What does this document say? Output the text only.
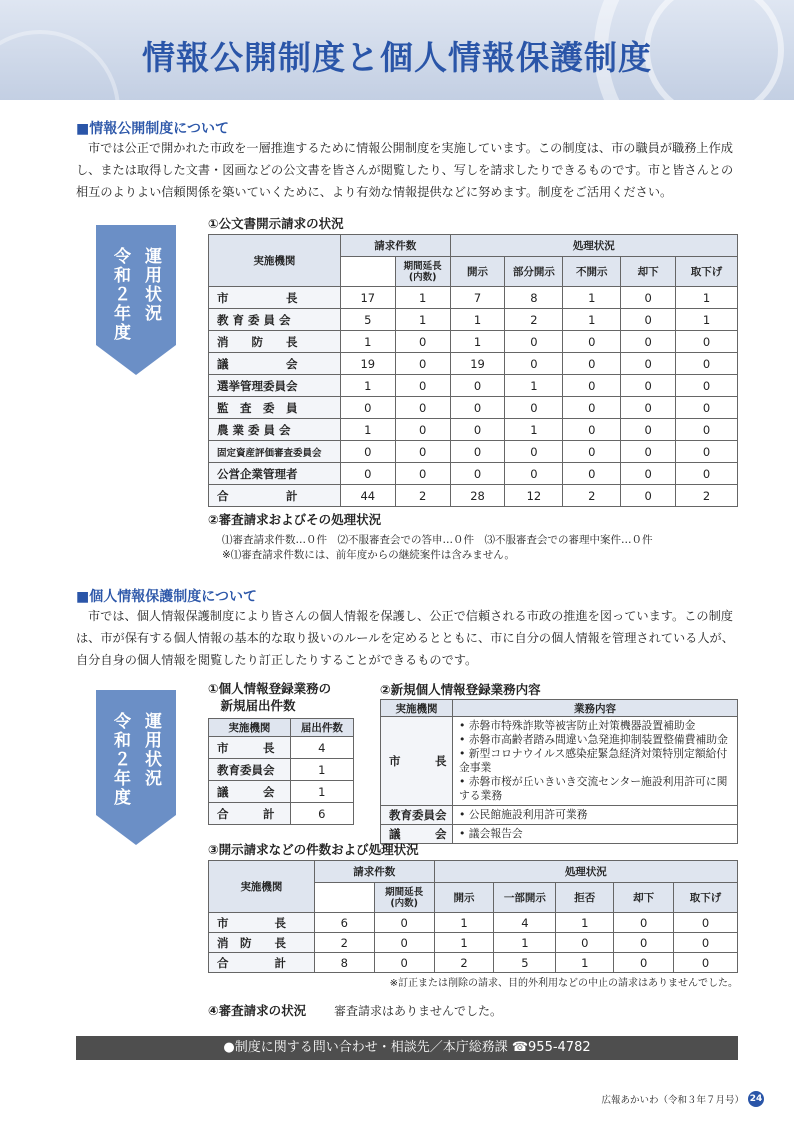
情報公開制度と個人情報保護制度
■情報公開制度について
市では公正で開かれた市政を一層推進するために情報公開制度を実施しています。この制度は、市の職員が職務上作成し、または取得した文書・図画などの公文書を皆さんが閲覧したり、写しを請求したりできるものです。市と皆さんとの相互のよりよい信頼関係を築いていくために、より有効な情報提供などに努めます。制度をご活用ください。
令和２年度 運用状況
①公文書開示請求の状況
実施機関	請求件数		処理状況				
		期間延長
(内数)	開示	部分開示	不開示	却下	取下げ
市　　　　　長	17	1	7	8	1	0	1
教 育 委 員 会	5	1	1	2	1	0	1
消　　防　　長	1	0	1	0	0	0	0
議　　　　　会	19	0	19	0	0	0	0
選挙管理委員会	1	0	0	1	0	0	0
監　査　委　員	0	0	0	0	0	0	0
農 業 委 員 会	1	0	0	1	0	0	0
固定資産評価審査委員会	0	0	0	0	0	0	0
公営企業管理者	0	0	0	0	0	0	0
合　　　　　計	44	2	28	12	2	0	2
②審査請求およびその処理状況
⑴審査請求件数…０件　⑵不服審査会での答申…０件　⑶不服審査会での審理中案件…０件
※⑴審査請求件数には、前年度からの継続案件は含みません。
■個人情報保護制度について
市では、個人情報保護制度により皆さんの個人情報を保護し、公正で信頼される市政の推進を図っています。この制度は、市が保有する個人情報の基本的な取り扱いのルールを定めるとともに、市に自分の個人情報を管理されている人が、自分自身の個人情報を閲覧したり訂正したりすることができるものです。
令和２年度 運用状況
①個人情報登録業務の
　新規届出件数
実施機関	届出件数
市　　　長	4
教育委員会	1
議　　　会	1
合　　　計	6
②新規個人情報登録業務内容
実施機関	業務内容
市　　　長	• 赤磐市特殊詐欺等被害防止対策機器設置補助金
• 赤磐市高齢者踏み間違い急発進抑制装置整備費補助金
• 新型コロナウイルス感染症緊急経済対策特別定額給付金事業
• 赤磐市桜が丘いきいき交流センター施設利用許可に関する業務

教育委員会	• 公民館施設利用許可業務

議　　　会	• 議会報告会
③開示請求などの件数および処理状況
実施機関	請求件数		処理状況				
		期間延長
(内数)	開示	一部開示	拒否	却下	取下げ
市　　　　長	6	0	1	4	1	0	0
消　防　　長	2	0	1	1	0	0	0
合　　　　計	8	0	2	5	1	0	0
※訂正または削除の請求、目的外利用などの中止の請求はありませんでした。
④審査請求の状況 審査請求はありませんでした。
●制度に関する問い合わせ・相談先／本庁総務課 ☎955-4782
広報あかいわ（令和３年７月号） 24
